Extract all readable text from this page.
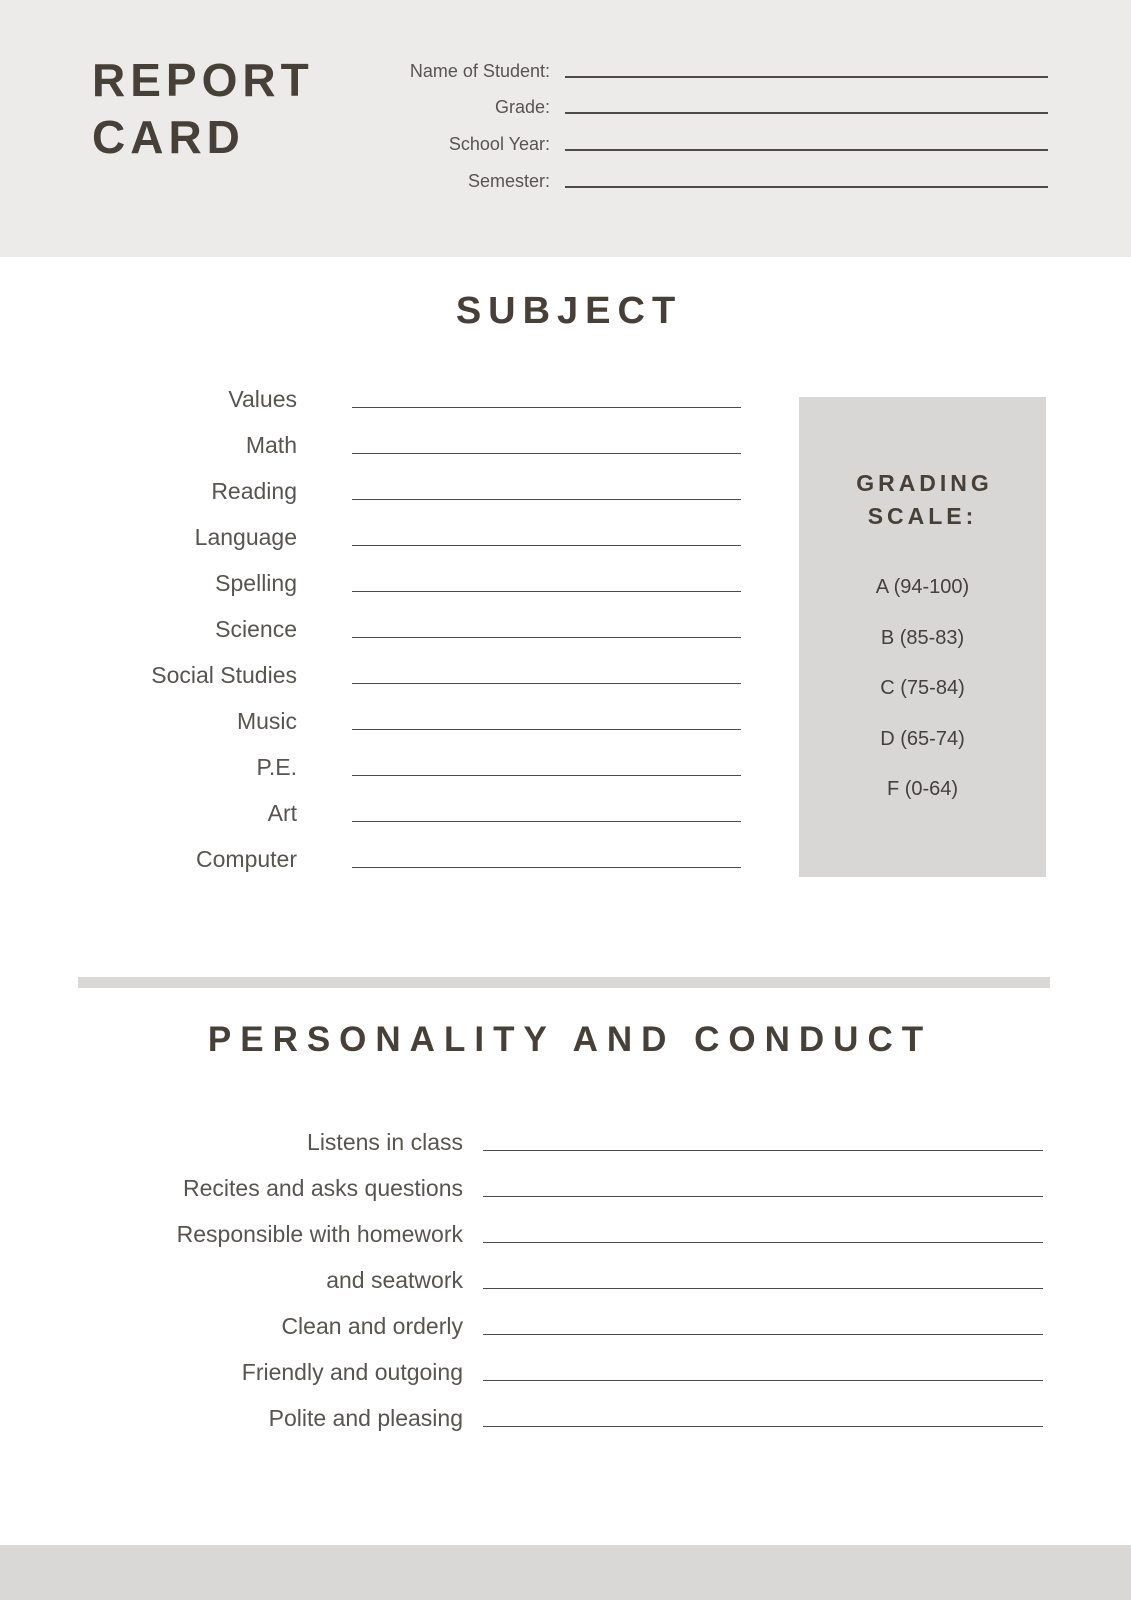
REPORT
CARD
Name of Student:
Grade:
School Year:
Semester:
SUBJECT
Values
Math
Reading
Language
Spelling
Science
Social Studies
Music
P.E.
Art
Computer
GRADING SCALE:
A (94-100)
B (85-83)
C (75-84)
D (65-74)
F (0-64)
PERSONALITY AND CONDUCT
Listens in class
Recites and asks questions
Responsible with homework
and seatwork
Clean and orderly
Friendly and outgoing
Polite and pleasing
